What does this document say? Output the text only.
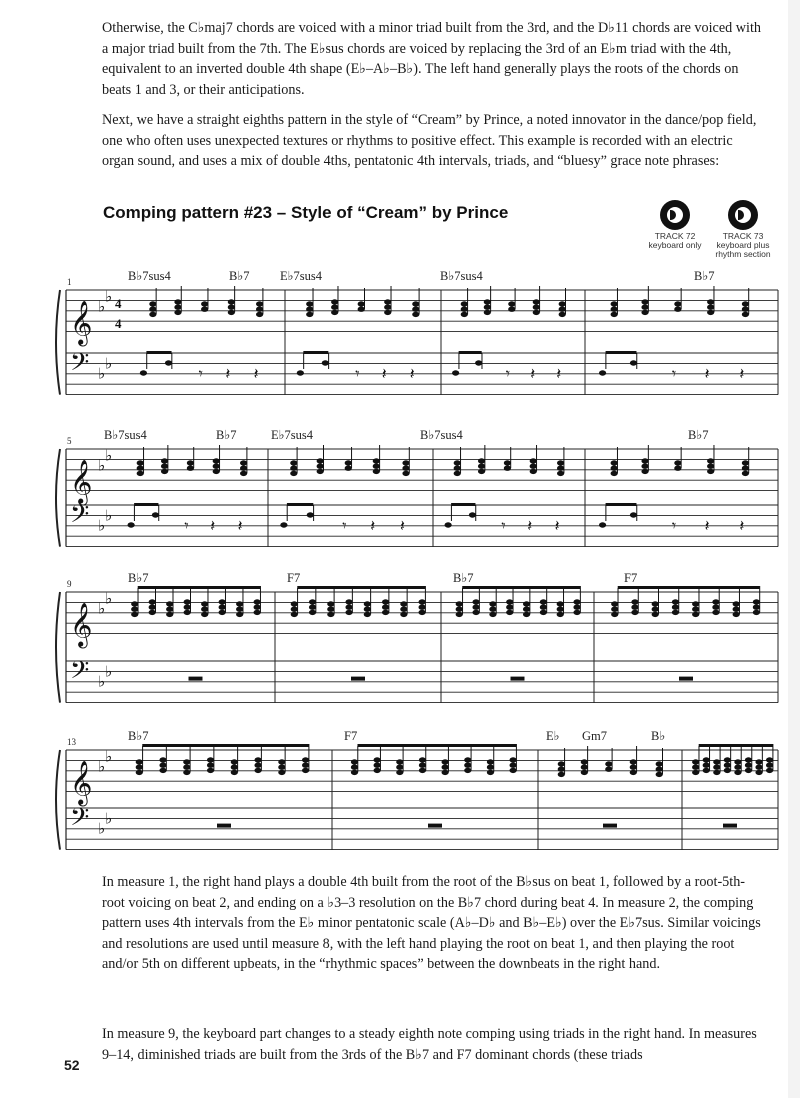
Otherwise, the C♭maj7 chords are voiced with a minor triad built from the 3rd, and the D♭11 chords are voiced with a major triad built from the 7th. The E♭sus chords are voiced by replacing the 3rd of an E♭m triad with the 4th, equivalent to an inverted double 4th shape (E♭–A♭–B♭). The left hand generally plays the roots of the chords on beats 1 and 3, or their anticipations.

Next, we have a straight eighths pattern in the style of “Cream” by Prince, a noted innovator in the dance/pop field, one who often uses unexpected textures or rhythms to positive effect. This example is recorded with an electric organ sound, and uses a mix of double 4ths, pentatonic 4th intervals, triads, and “bluesy” grace note phrases:

Comping pattern #23 – Style of “Cream” by Prince
TRACK 72
keyboard only
TRACK 73
keyboard plus rhythm section
𝄞
𝄢
♭
♭
♭
♭
4
4
1	B♭7sus4	B♭7 E♭7sus4	B♭7sus4	B♭7
𝄾 𝄽 𝄽	𝄾 𝄽 𝄽	𝄾 𝄽 𝄽	𝄾 𝄽 𝄽
𝄞
𝄢
♭
♭
♭
♭
5	B♭7sus4	B♭7	E♭7sus4	B♭7sus4	B♭7
𝄾 𝄽 𝄽	𝄾 𝄽 𝄽	𝄾 𝄽 𝄽	𝄾 𝄽 𝄽
𝄞
𝄢
♭
♭
♭
♭
9	B♭7	F7	B♭7	F7
𝄞
𝄢
♭
♭
♭
♭
13	B♭7	F7	E♭ Gm7	B♭

In measure 1, the right hand plays a double 4th built from the root of the B♭sus on beat 1, followed by a root-5th-root voicing on beat 2, and ending on a ♭3–3 resolution on the B♭7 chord during beat 4. In measure 2, the comping pattern uses 4th intervals from the E♭ minor pentatonic scale (A♭–D♭ and B♭–E♭) over the E♭7sus. Similar voicings and resolutions are used until measure 8, with the left hand playing the root on beat 1, and then playing the root and/or 5th on different upbeats, in the “rhythmic spaces” between the downbeats in the right hand.

In measure 9, the keyboard part changes to a steady eighth note comping using triads in the right hand. In measures 9–14, diminished triads are built from the 3rds of the B♭7 and F7 dominant chords (these triads

52
